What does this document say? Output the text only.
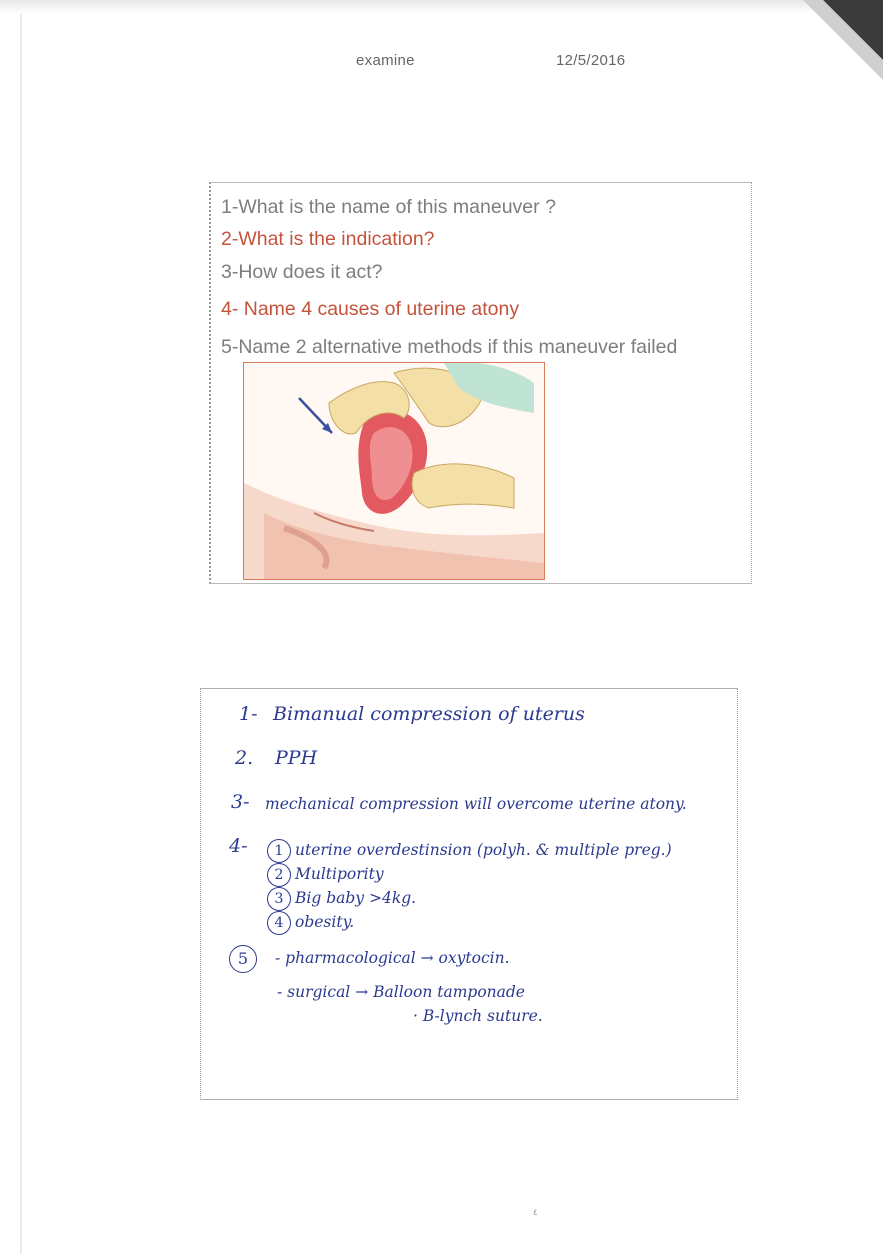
examine	12/5/2016
1-What is the name of this maneuver ?
2-What is the indication?
3-How does it act?
4- Name 4 causes of uterine atony
5-Name 2 alternative methods if this maneuver failed
1- Bimanual compression of uterus
2. PPH
3- mechanical compression will overcome uterine atony.
4-	1 uterine overdestinsion (polyh. & multiple preg.)
2 Multipority
3 Big baby >4kg.
4 obesity.
5	- pharmacological → oxytocin.
- surgical → Balloon tamponade
· B-lynch suture.
٤
